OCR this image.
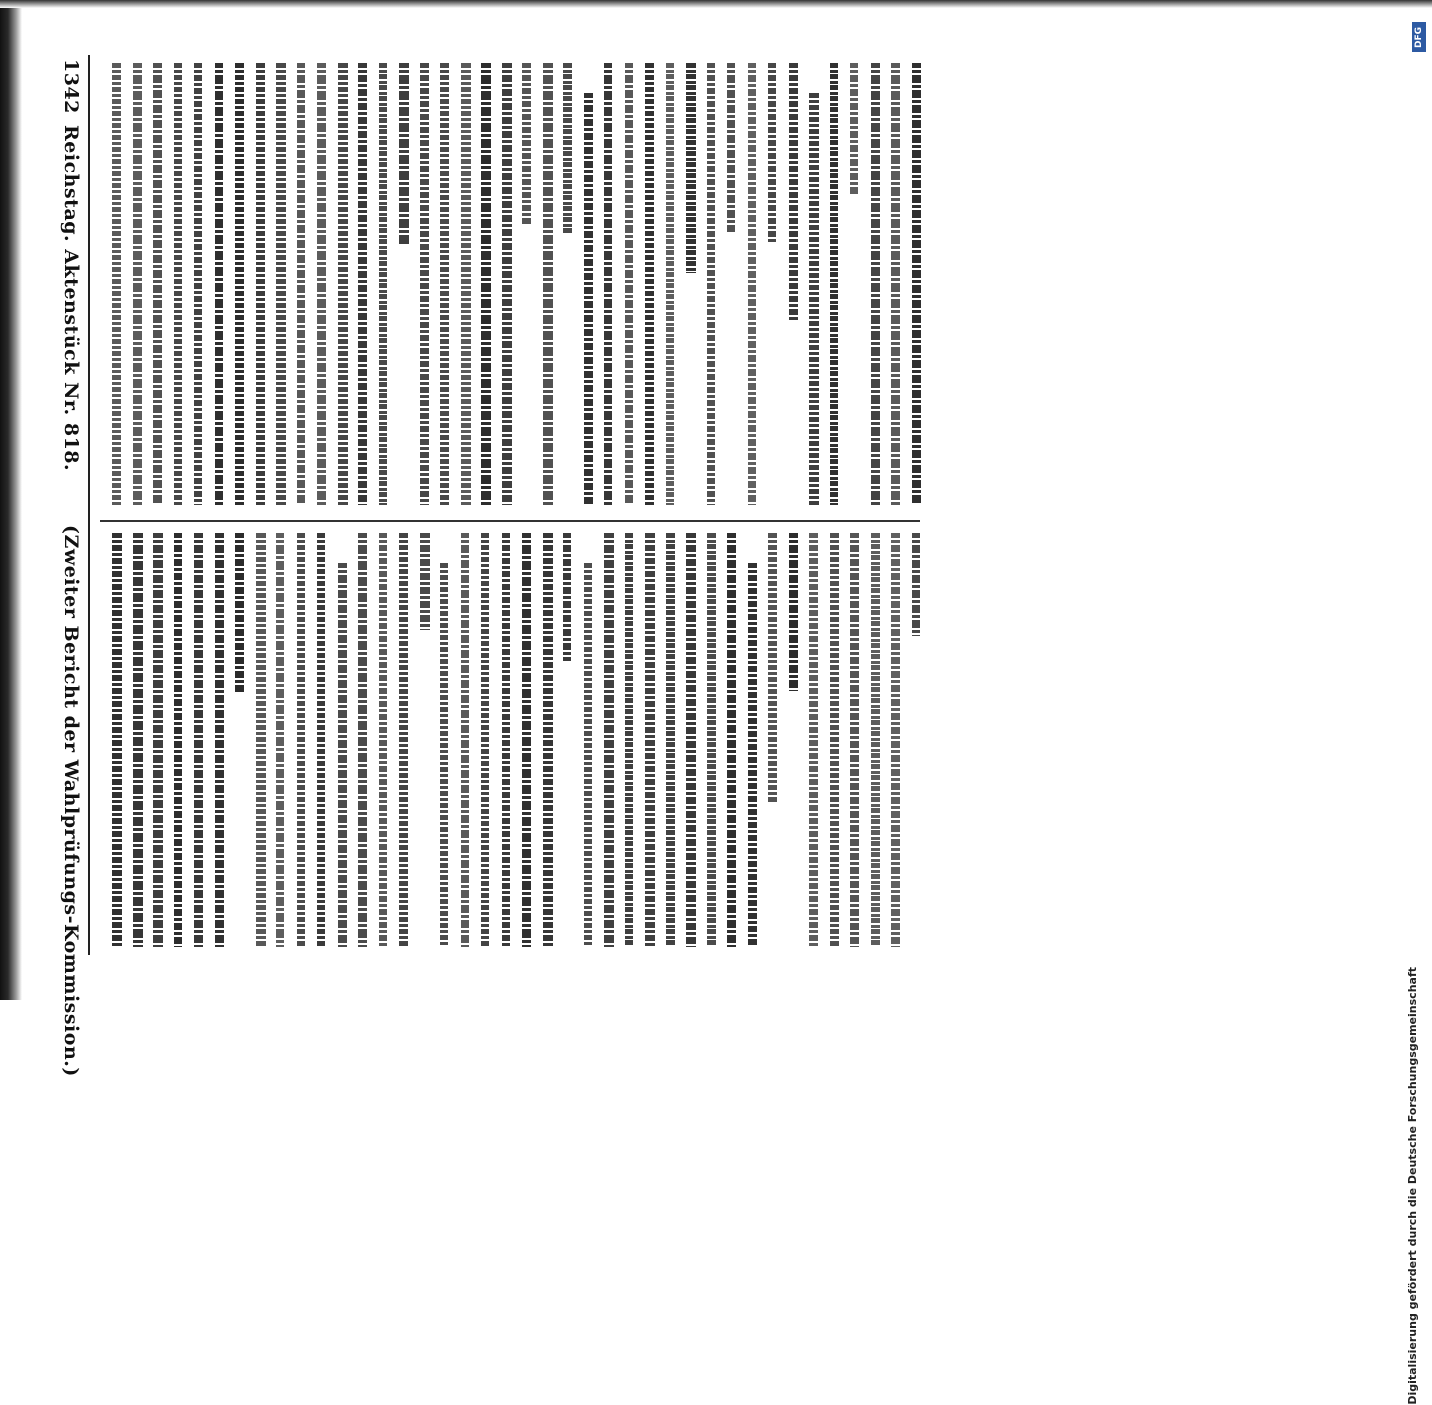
1342
Reichstag. Aktenstück Nr. 818.
(Zweiter Bericht der Wahlprüfungs-Kommission.)
Digitalisierung gefördert durch die Deutsche Forschungsgemeinschaft
DFG
